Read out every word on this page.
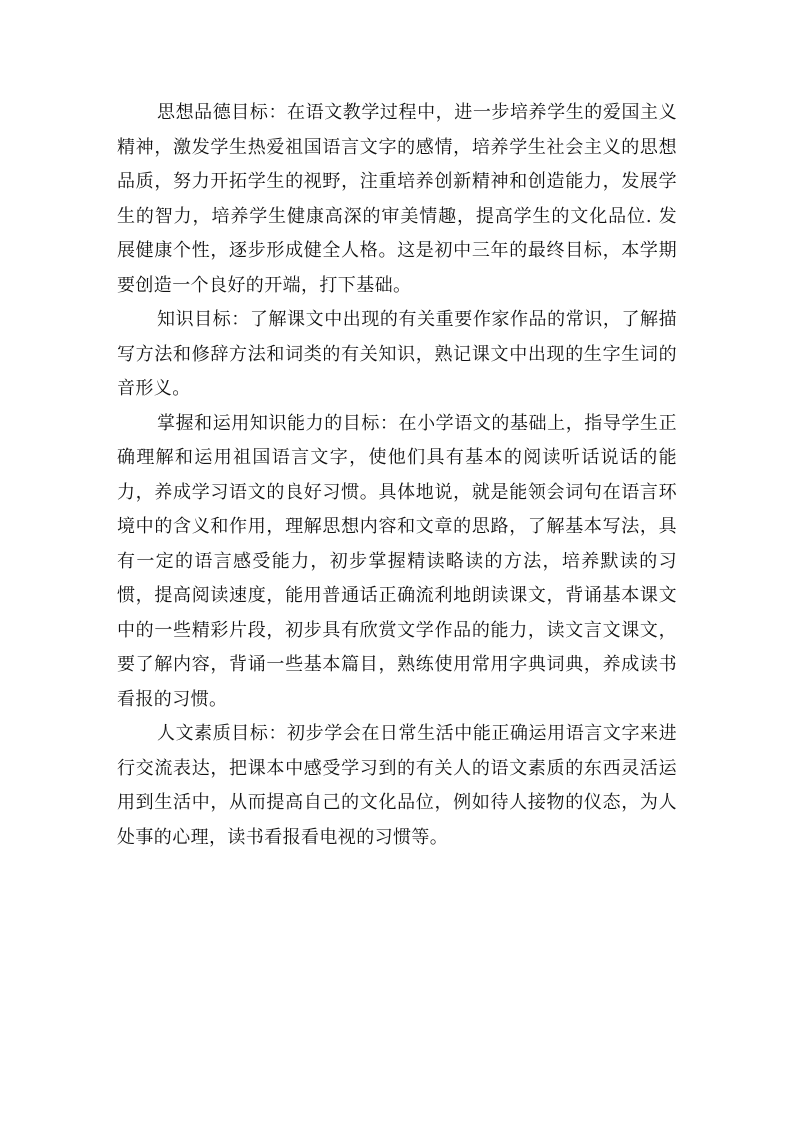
思想品德目标：在语文教学过程中，进一步培养学生的爱国主义精神，激发学生热爱祖国语言文字的感情，培养学生社会主义的思想品质，努力开拓学生的视野，注重培养创新精神和创造能力，发展学生的智力，培养学生健康高深的审美情趣，提高学生的文化品位. 发展健康个性，逐步形成健全人格。这是初中三年的最终目标，本学期要创造一个良好的开端，打下基础。

知识目标：了解课文中出现的有关重要作家作品的常识，了解描写方法和修辞方法和词类的有关知识，熟记课文中出现的生字生词的音形义。

掌握和运用知识能力的目标：在小学语文的基础上，指导学生正确理解和运用祖国语言文字，使他们具有基本的阅读听话说话的能力，养成学习语文的良好习惯。具体地说，就是能领会词句在语言环境中的含义和作用，理解思想内容和文章的思路，了解基本写法，具有一定的语言感受能力，初步掌握精读略读的方法，培养默读的习惯，提高阅读速度，能用普通话正确流利地朗读课文，背诵基本课文中的一些精彩片段，初步具有欣赏文学作品的能力，读文言文课文，要了解内容，背诵一些基本篇目，熟练使用常用字典词典，养成读书看报的习惯。

人文素质目标：初步学会在日常生活中能正确运用语言文字来进行交流表达，把课本中感受学习到的有关人的语文素质的东西灵活运用到生活中，从而提高自己的文化品位，例如待人接物的仪态，为人处事的心理，读书看报看电视的习惯等。
